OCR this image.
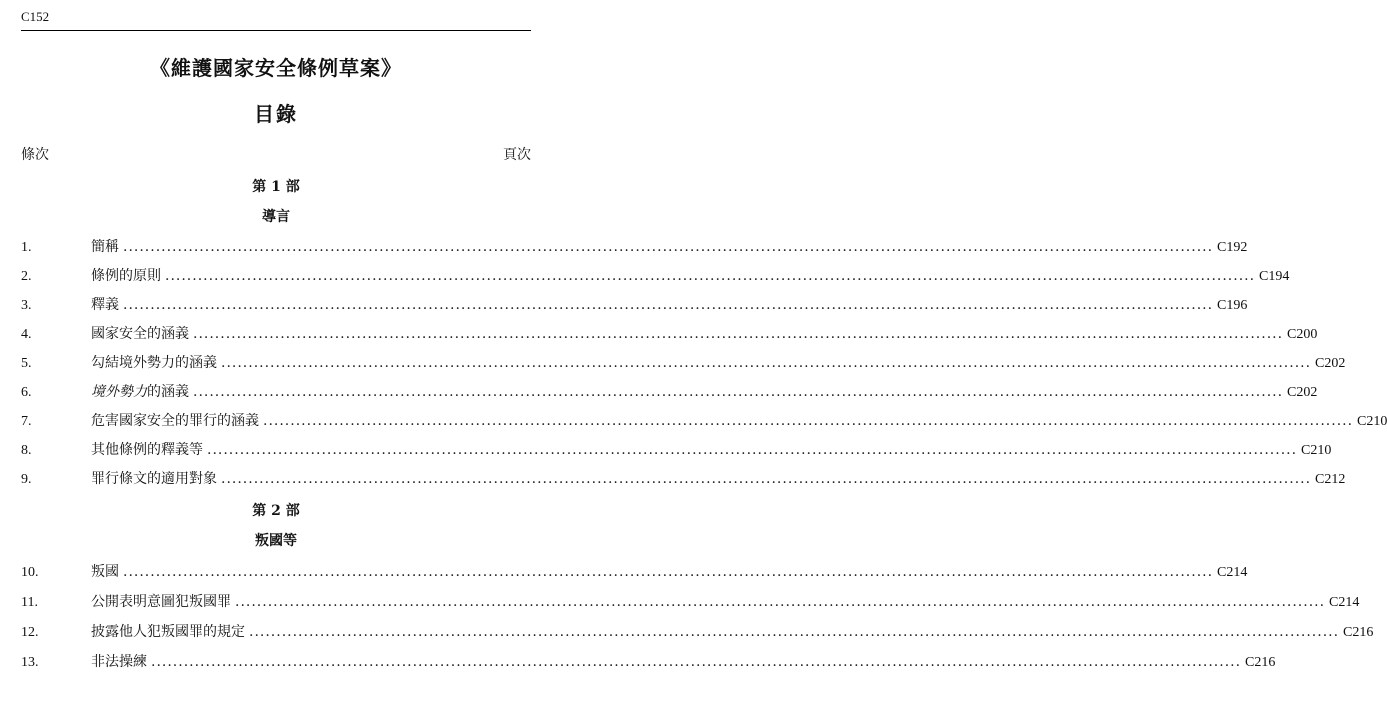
C152
《維護國家安全條例草案》
目錄
條次	頁次
第 1 部
導言
1.	簡稱 ........................................................................................................................................................................................................ C192
2.	條例的原則 ........................................................................................................................................................................................................ C194
3.	釋義 ........................................................................................................................................................................................................ C196
4.	國家安全的涵義 ........................................................................................................................................................................................................ C200
5.	勾結境外勢力的涵義 ........................................................................................................................................................................................................ C202
6.	境外勢力的涵義 ........................................................................................................................................................................................................ C202
7.	危害國家安全的罪行的涵義 ........................................................................................................................................................................................................ C210
8.	其他條例的釋義等 ........................................................................................................................................................................................................ C210
9.	罪行條文的適用對象 ........................................................................................................................................................................................................ C212
第 2 部
叛國等
10.	叛國 ........................................................................................................................................................................................................ C214
11.	公開表明意圖犯叛國罪 ........................................................................................................................................................................................................ C214
12.	披露他人犯叛國罪的規定 ........................................................................................................................................................................................................ C216
13.	非法操練 ........................................................................................................................................................................................................ C216
